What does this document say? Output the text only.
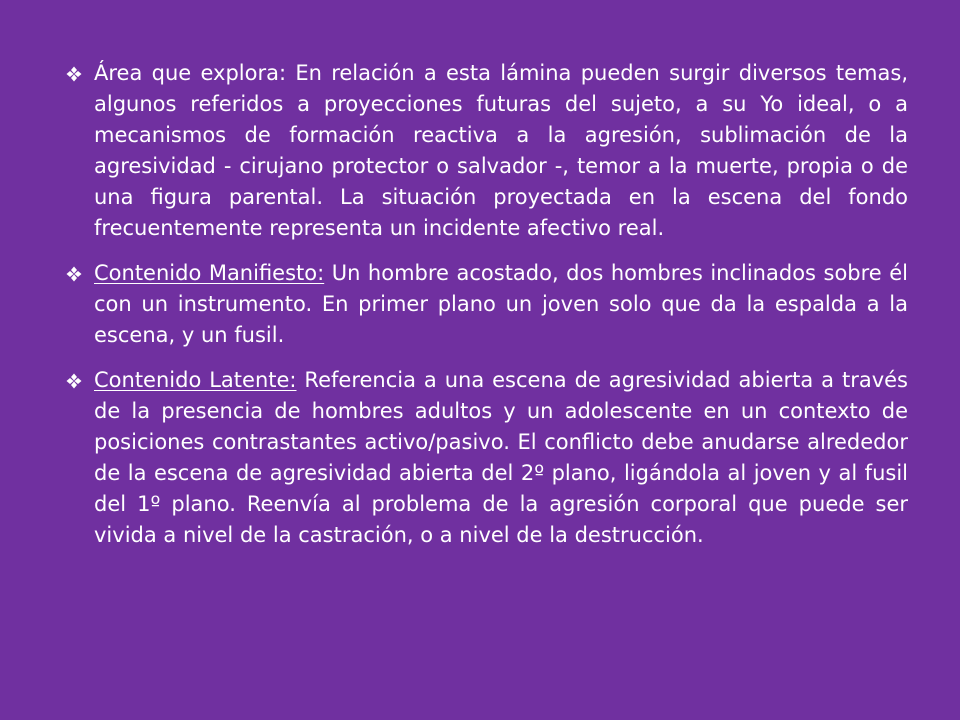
Área que explora: En relación a esta lámina pueden surgir diversos temas, algunos referidos a proyecciones futuras del sujeto, a su Yo ideal, o a mecanismos de formación reactiva a la agresión, sublimación de la agresividad - cirujano protector o salvador -, temor a la muerte, propia o de una figura parental. La situación proyectada en la escena del fondo frecuentemente representa un incidente afectivo real.
Contenido Manifiesto: Un hombre acostado, dos hombres inclinados sobre él con un instrumento. En primer plano un joven solo que da la espalda a la escena, y un fusil.
Contenido Latente: Referencia a una escena de agresividad abierta a través de la presencia de hombres adultos y un adolescente en un contexto de posiciones contrastantes activo/pasivo. El conflicto debe anudarse alrededor de la escena de agresividad abierta del 2º plano, ligándola al joven y al fusil del 1º plano. Reenvía al problema de la agresión corporal que puede ser vivida a nivel de la castración, o a nivel de la destrucción.
